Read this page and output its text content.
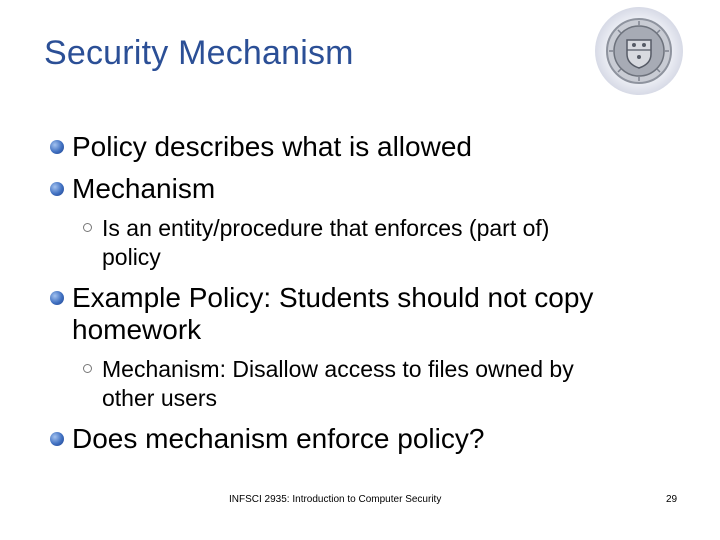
Security Mechanism
Policy describes what is allowed
Mechanism
Is an entity/procedure that enforces (part of)
policy
Example Policy: Students should not copy
homework
Mechanism: Disallow access to files owned by
other users
Does mechanism enforce policy?
INFSCI 2935: Introduction to Computer Security	29
